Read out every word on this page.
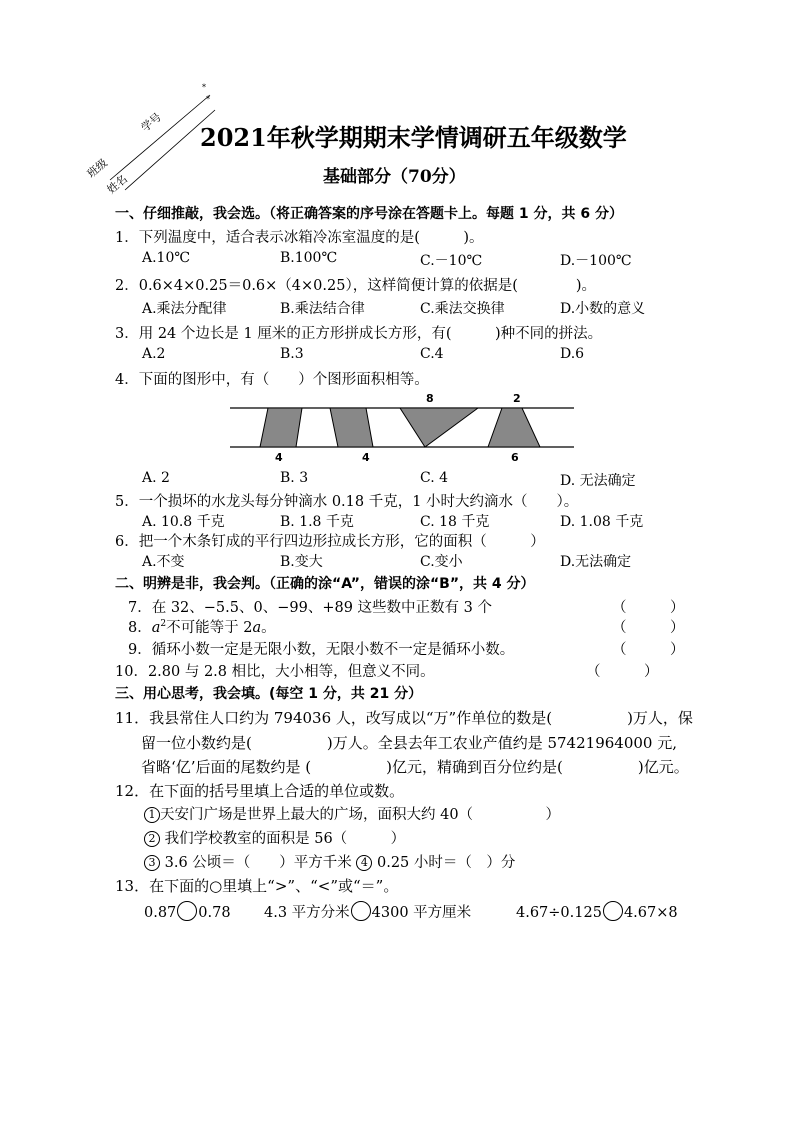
*
*
班级
学号
姓名
2021年秋学期期末学情调研五年级数学
基础部分（70分）
一、仔细推敲，我会选。（将正确答案的序号涂在答题卡上。每题 1 分，共 6 分）
1．下列温度中，适合表示冰箱冷冻室温度的是(　　　)。
A.10℃	B.100℃	C.－10℃	D.－100℃
2．0.6×4×0.25＝0.6×（4×0.25），这样简便计算的依据是(　　　　)。
A.乘法分配律	B.乘法结合律	C.乘法交换律	D.小数的意义
3．用 24 个边长是 1 厘米的正方形拼成长方形，有(　　　)种不同的拼法。
A.2	B.3	C.4	D.6
4．下面的图形中，有（　　）个图形面积相等。
8	2
4	4	6
A. 2	B. 3	C. 4	D. 无法确定
5．一个损坏的水龙头每分钟滴水 0.18 千克，1 小时大约滴水（　　）。
A. 10.8 千克	B. 1.8 千克	C. 18 千克	D. 1.08 千克
6．把一个木条钉成的平行四边形拉成长方形，它的面积（　　　）
A.不变	B.变大	C.变小	D.无法确定
二、明辨是非，我会判。（正确的涂“A”，错误的涂“B”，共 4 分）
7．在 32、−5.5、0、−99、+89 这些数中正数有 3 个	（　　　）
8．$a^2$不可能等于 2a。	（　　　）
9．循环小数一定是无限小数，无限小数不一定是循环小数。	（　　　）
10．2.80 与 2.8 相比，大小相等，但意义不同。	（　　　）
三、用心思考，我会填。(每空 1 分，共 21 分）
11．我县常住人口约为 794036 人，改写成以“万”作单位的数是(　　　　　)万人，保
留一位小数约是(　　　　　)万人。全县去年工农业产值约是 57421964000 元,
省略‘亿’后面的尾数约是 (　　　　　)亿元，精确到百分位约是(　　　　　)亿元。
12．在下面的括号里填上合适的单位或数。
1 天安门广场是世界上最大的广场，面积大约 40（　　　　　）
2 我们学校教室的面积是 56（　　　）
3 3.6 公顷＝（　　）平方千米 4 0.25 小时＝（　）分
13．在下面的○里填上“>”、“<”或“＝”。
0.87 0.78 4.3 平方分米 4300 平方厘米	4.67÷0.125 4.67×8
